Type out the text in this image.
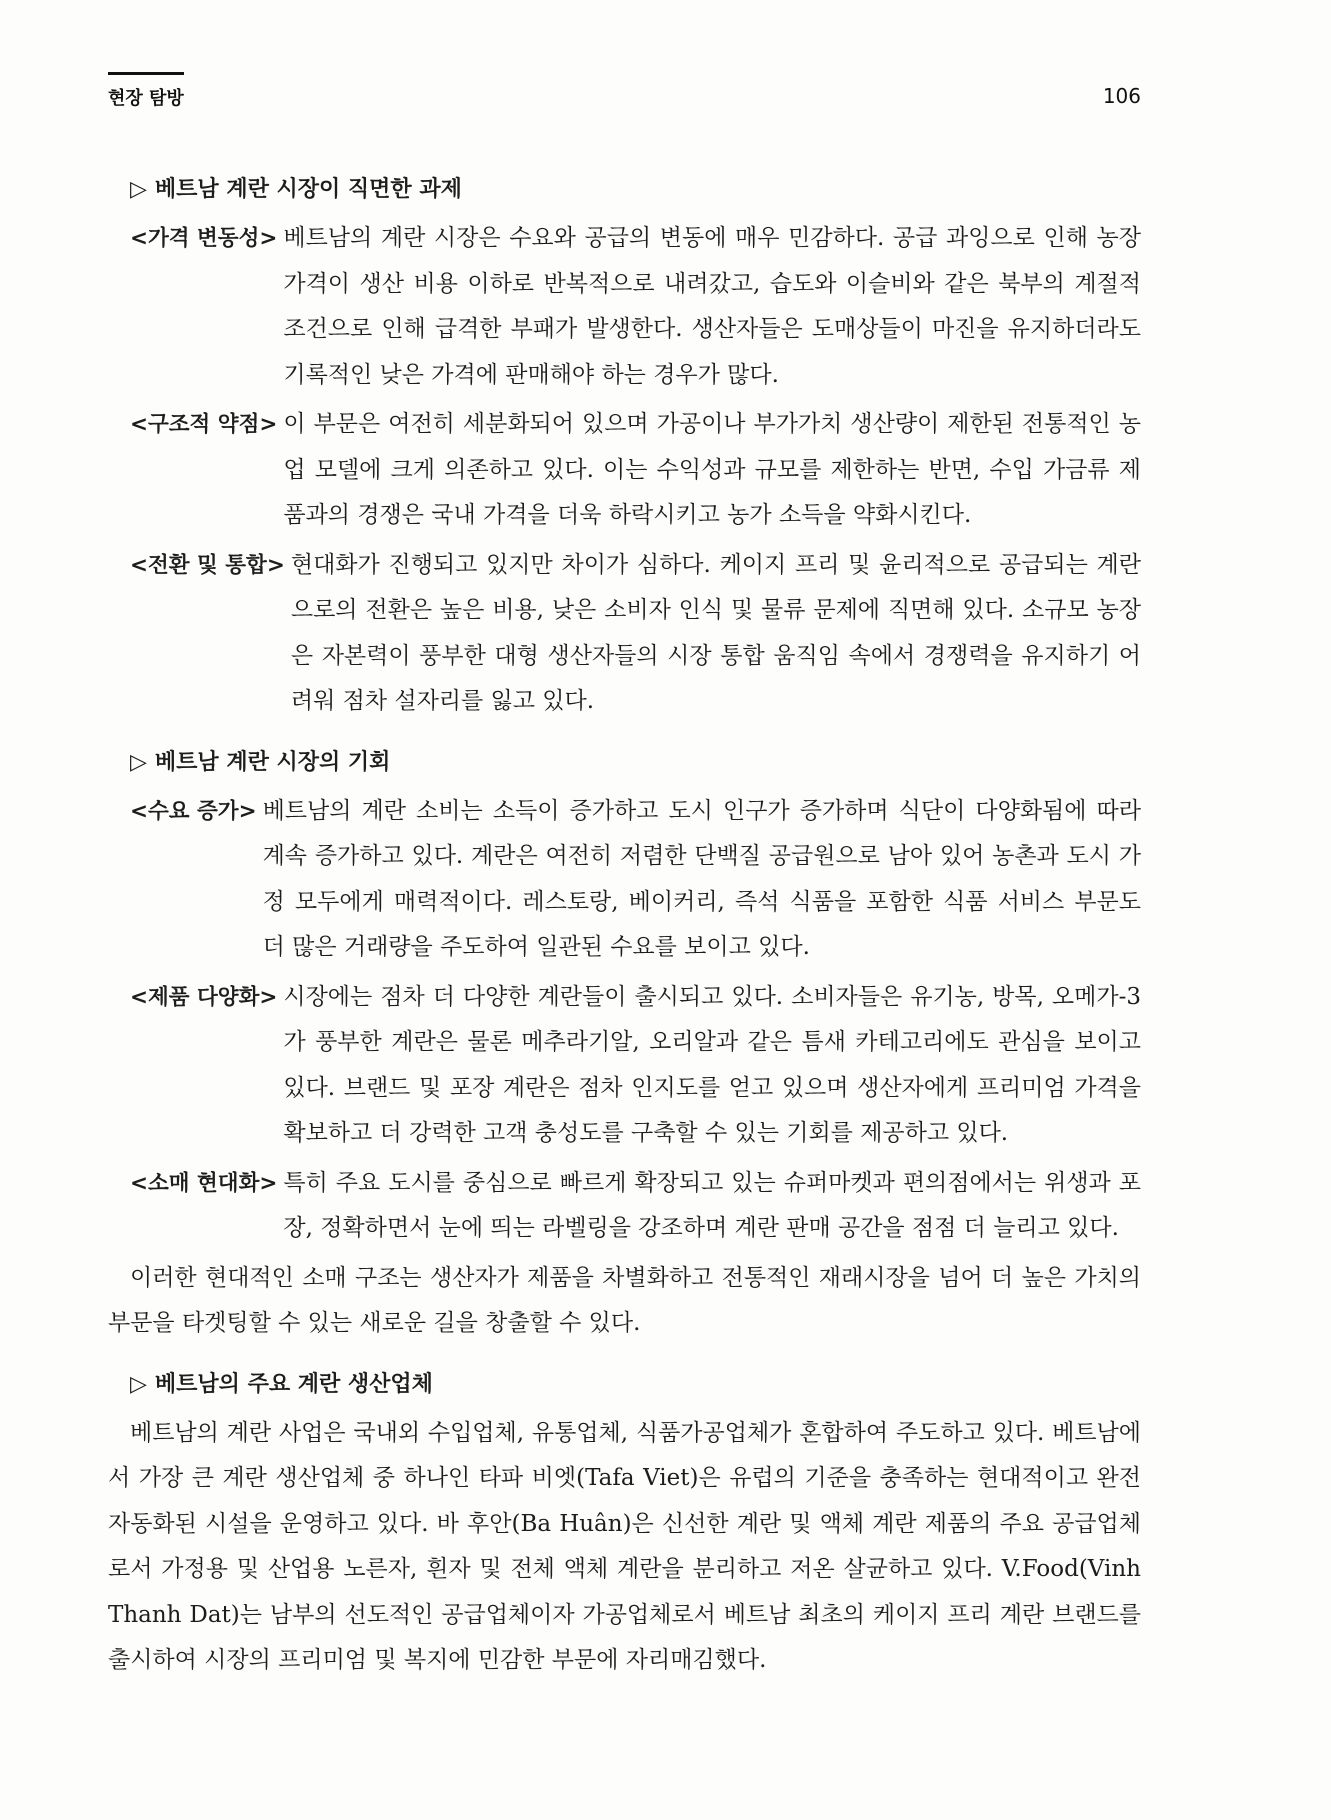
현장 탐방	106
▷ 베트남 계란 시장이 직면한 과제
<가격 변동성> 베트남의 계란 시장은 수요와 공급의 변동에 매우 민감하다. 공급 과잉으로 인해 농장 가격이 생산 비용 이하로 반복적으로 내려갔고, 습도와 이슬비와 같은 북부의 계절적 조건으로 인해 급격한 부패가 발생한다. 생산자들은 도매상들이 마진을 유지하더라도 기록적인 낮은 가격에 판매해야 하는 경우가 많다.
<구조적 약점> 이 부문은 여전히 세분화되어 있으며 가공이나 부가가치 생산량이 제한된 전통적인 농업 모델에 크게 의존하고 있다. 이는 수익성과 규모를 제한하는 반면, 수입 가금류 제품과의 경쟁은 국내 가격을 더욱 하락시키고 농가 소득을 약화시킨다.
<전환 및 통합> 현대화가 진행되고 있지만 차이가 심하다. 케이지 프리 및 윤리적으로 공급되는 계란으로의 전환은 높은 비용, 낮은 소비자 인식 및 물류 문제에 직면해 있다. 소규모 농장은 자본력이 풍부한 대형 생산자들의 시장 통합 움직임 속에서 경쟁력을 유지하기 어려워 점차 설자리를 잃고 있다.
▷ 베트남 계란 시장의 기회
<수요 증가> 베트남의 계란 소비는 소득이 증가하고 도시 인구가 증가하며 식단이 다양화됨에 따라 계속 증가하고 있다. 계란은 여전히 저렴한 단백질 공급원으로 남아 있어 농촌과 도시 가정 모두에게 매력적이다. 레스토랑, 베이커리, 즉석 식품을 포함한 식품 서비스 부문도 더 많은 거래량을 주도하여 일관된 수요를 보이고 있다.
<제품 다양화> 시장에는 점차 더 다양한 계란들이 출시되고 있다. 소비자들은 유기농, 방목, 오메가-3가 풍부한 계란은 물론 메추라기알, 오리알과 같은 틈새 카테고리에도 관심을 보이고 있다. 브랜드 및 포장 계란은 점차 인지도를 얻고 있으며 생산자에게 프리미엄 가격을 확보하고 더 강력한 고객 충성도를 구축할 수 있는 기회를 제공하고 있다.
<소매 현대화> 특히 주요 도시를 중심으로 빠르게 확장되고 있는 슈퍼마켓과 편의점에서는 위생과 포장, 정확하면서 눈에 띄는 라벨링을 강조하며 계란 판매 공간을 점점 더 늘리고 있다.
이러한 현대적인 소매 구조는 생산자가 제품을 차별화하고 전통적인 재래시장을 넘어 더 높은 가치의 부문을 타겟팅할 수 있는 새로운 길을 창출할 수 있다.
▷ 베트남의 주요 계란 생산업체
베트남의 계란 사업은 국내외 수입업체, 유통업체, 식품가공업체가 혼합하여 주도하고 있다. 베트남에서 가장 큰 계란 생산업체 중 하나인 타파 비엣(Tafa Viet)은 유럽의 기준을 충족하는 현대적이고 완전 자동화된 시설을 운영하고 있다. 바 후안(Ba Huân)은 신선한 계란 및 액체 계란 제품의 주요 공급업체로서 가정용 및 산업용 노른자, 흰자 및 전체 액체 계란을 분리하고 저온 살균하고 있다. V.Food(Vinh Thanh Dat)는 남부의 선도적인 공급업체이자 가공업체로서 베트남 최초의 케이지 프리 계란 브랜드를 출시하여 시장의 프리미엄 및 복지에 민감한 부문에 자리매김했다.
